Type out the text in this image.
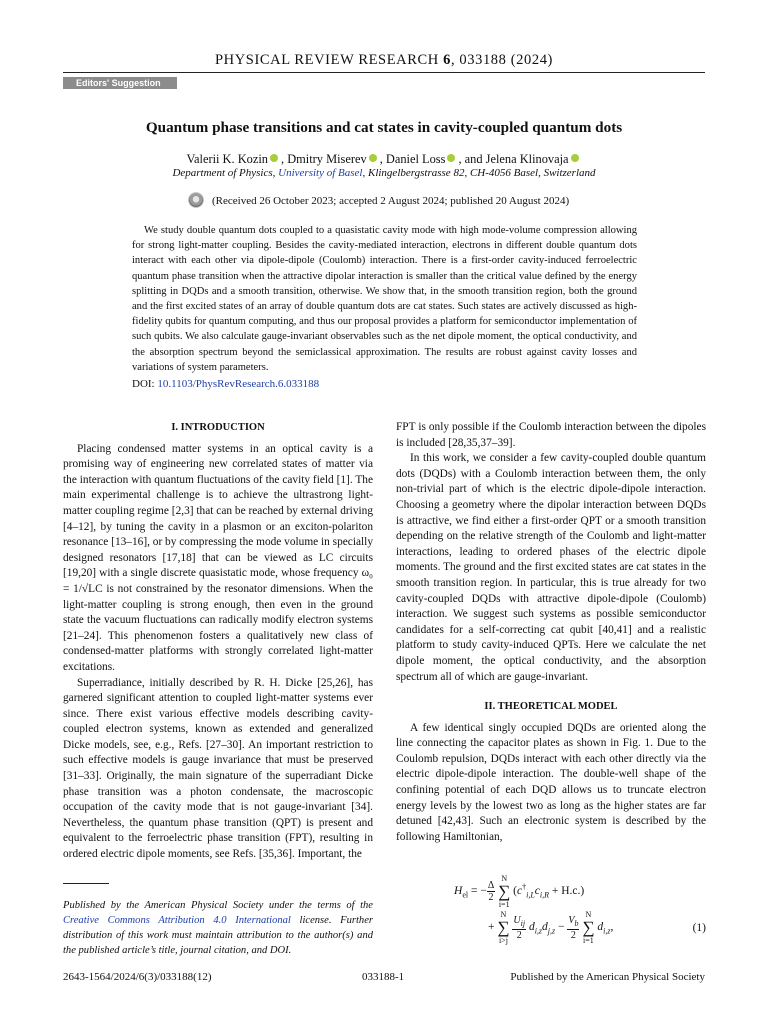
PHYSICAL REVIEW RESEARCH 6, 033188 (2024)
Editors' Suggestion
Quantum phase transitions and cat states in cavity-coupled quantum dots
Valerii K. Kozin , Dmitry Miserev , Daniel Loss , and Jelena Klinovaja
Department of Physics, University of Basel, Klingelbergstrasse 82, CH-4056 Basel, Switzerland
(Received 26 October 2023; accepted 2 August 2024; published 20 August 2024)
We study double quantum dots coupled to a quasistatic cavity mode with high mode-volume compression allowing for strong light-matter coupling. Besides the cavity-mediated interaction, electrons in different double quantum dots interact with each other via dipole-dipole (Coulomb) interaction. There is a first-order cavity-induced ferroelectric quantum phase transition when the attractive dipolar interaction is smaller than the critical value defined by the energy splitting in DQDs and a smooth transition, otherwise. We show that, in the smooth transition region, both the ground and the first excited states of an array of double quantum dots are cat states. Such states are actively discussed as high-fidelity qubits for quantum computing, and thus our proposal provides a platform for semiconductor implementation of such qubits. We also calculate gauge-invariant observables such as the net dipole moment, the optical conductivity, and the absorption spectrum beyond the semiclassical approximation. The results are robust against cavity losses and variations of system parameters.
DOI: 10.1103/PhysRevResearch.6.033188
I. INTRODUCTION

Placing condensed matter systems in an optical cavity is a promising way of engineering new correlated states of matter via the interaction with quantum fluctuations of the cavity field [1]. The main experimental challenge is to achieve the ultrastrong light-matter coupling regime [2,3] that can be reached by external driving [4–12], by tuning the cavity in a plasmon or an exciton-polariton resonance [13–16], or by compressing the mode volume in specially designed resonators [17,18] that can be viewed as LC circuits [19,20] with a single discrete quasistatic mode, whose frequency ω₀ = 1/√LC is not constrained by the resonator dimensions. When the light-matter coupling is strong enough, then even in the ground state the vacuum fluctuations can radically modify electron systems [21–24]. This phenomenon fosters a qualitatively new class of condensed-matter platforms with strongly correlated light-matter excitations.

Superradiance, initially described by R. H. Dicke [25,26], has garnered significant attention to coupled light-matter systems ever since. There exist various effective models describing cavity-coupled electron systems, known as extended and generalized Dicke models, see, e.g., Refs. [27–30]. An important restriction to such effective models is gauge invariance that must be preserved [31–33]. Originally, the main signature of the superradiant Dicke phase transition was a photon condensate, the macroscopic occupation of the cavity mode that is not gauge-invariant [34]. Nevertheless, the quantum phase transition (QPT) is present and equivalent to the ferroelectric phase transition (FPT), resulting in ordered electric dipole moments, see Refs. [35,36]. Important, the

FPT is only possible if the Coulomb interaction between the dipoles is included [28,35,37–39].

In this work, we consider a few cavity-coupled double quantum dots (DQDs) with a Coulomb interaction between them, the only non-trivial part of which is the electric dipole-dipole interaction. Choosing a geometry where the dipolar interaction between DQDs is attractive, we find either a first-order QPT or a smooth transition depending on the relative strength of the Coulomb and light-matter interactions, leading to ordered phases of the electric dipole moments. The ground and the first excited states are cat states in the smooth transition region. In particular, this is true already for two cavity-coupled DQDs with attractive dipole-dipole (Coulomb) interaction. We suggest such systems as possible semiconductor candidates for a self-correcting cat qubit [40,41] and a realistic platform to study cavity-induced QPTs. Here we calculate the net dipole moment, the optical conductivity, and the absorption spectrum all of which are gauge-invariant.

II. THEORETICAL MODEL

A few identical singly occupied DQDs are oriented along the line connecting the capacitor plates as shown in Fig. 1. Due to the Coulomb repulsion, DQDs interact with each other directly via the electric dipole-dipole interaction. The double-well shape of the confining potential of each DQD allows us to truncate electron energy levels by the lowest two as long as the higher states are far detuned [42,43]. Such an electronic system is described by the following Hamiltonian,

$H_{el}$ = − $\frac{\Delta}{2}$

N
∑
i=1
$(c^\dagger_{i,L}c_{i,R} + H.c.)$
+
N
∑
i>j
$\frac{U_{ij}}{2} d_{i,z}d_{j,z} - \frac{V_b}{2}$
N
∑
i=1
$d_{i,z}$,	(1)
Published by the American Physical Society under the terms of the Creative Commons Attribution 4.0 International license. Further distribution of this work must maintain attribution to the author(s) and the published article’s title, journal citation, and DOI.
2643-1564/2024/6(3)/033188(12)	033188-1	Published by the American Physical Society
